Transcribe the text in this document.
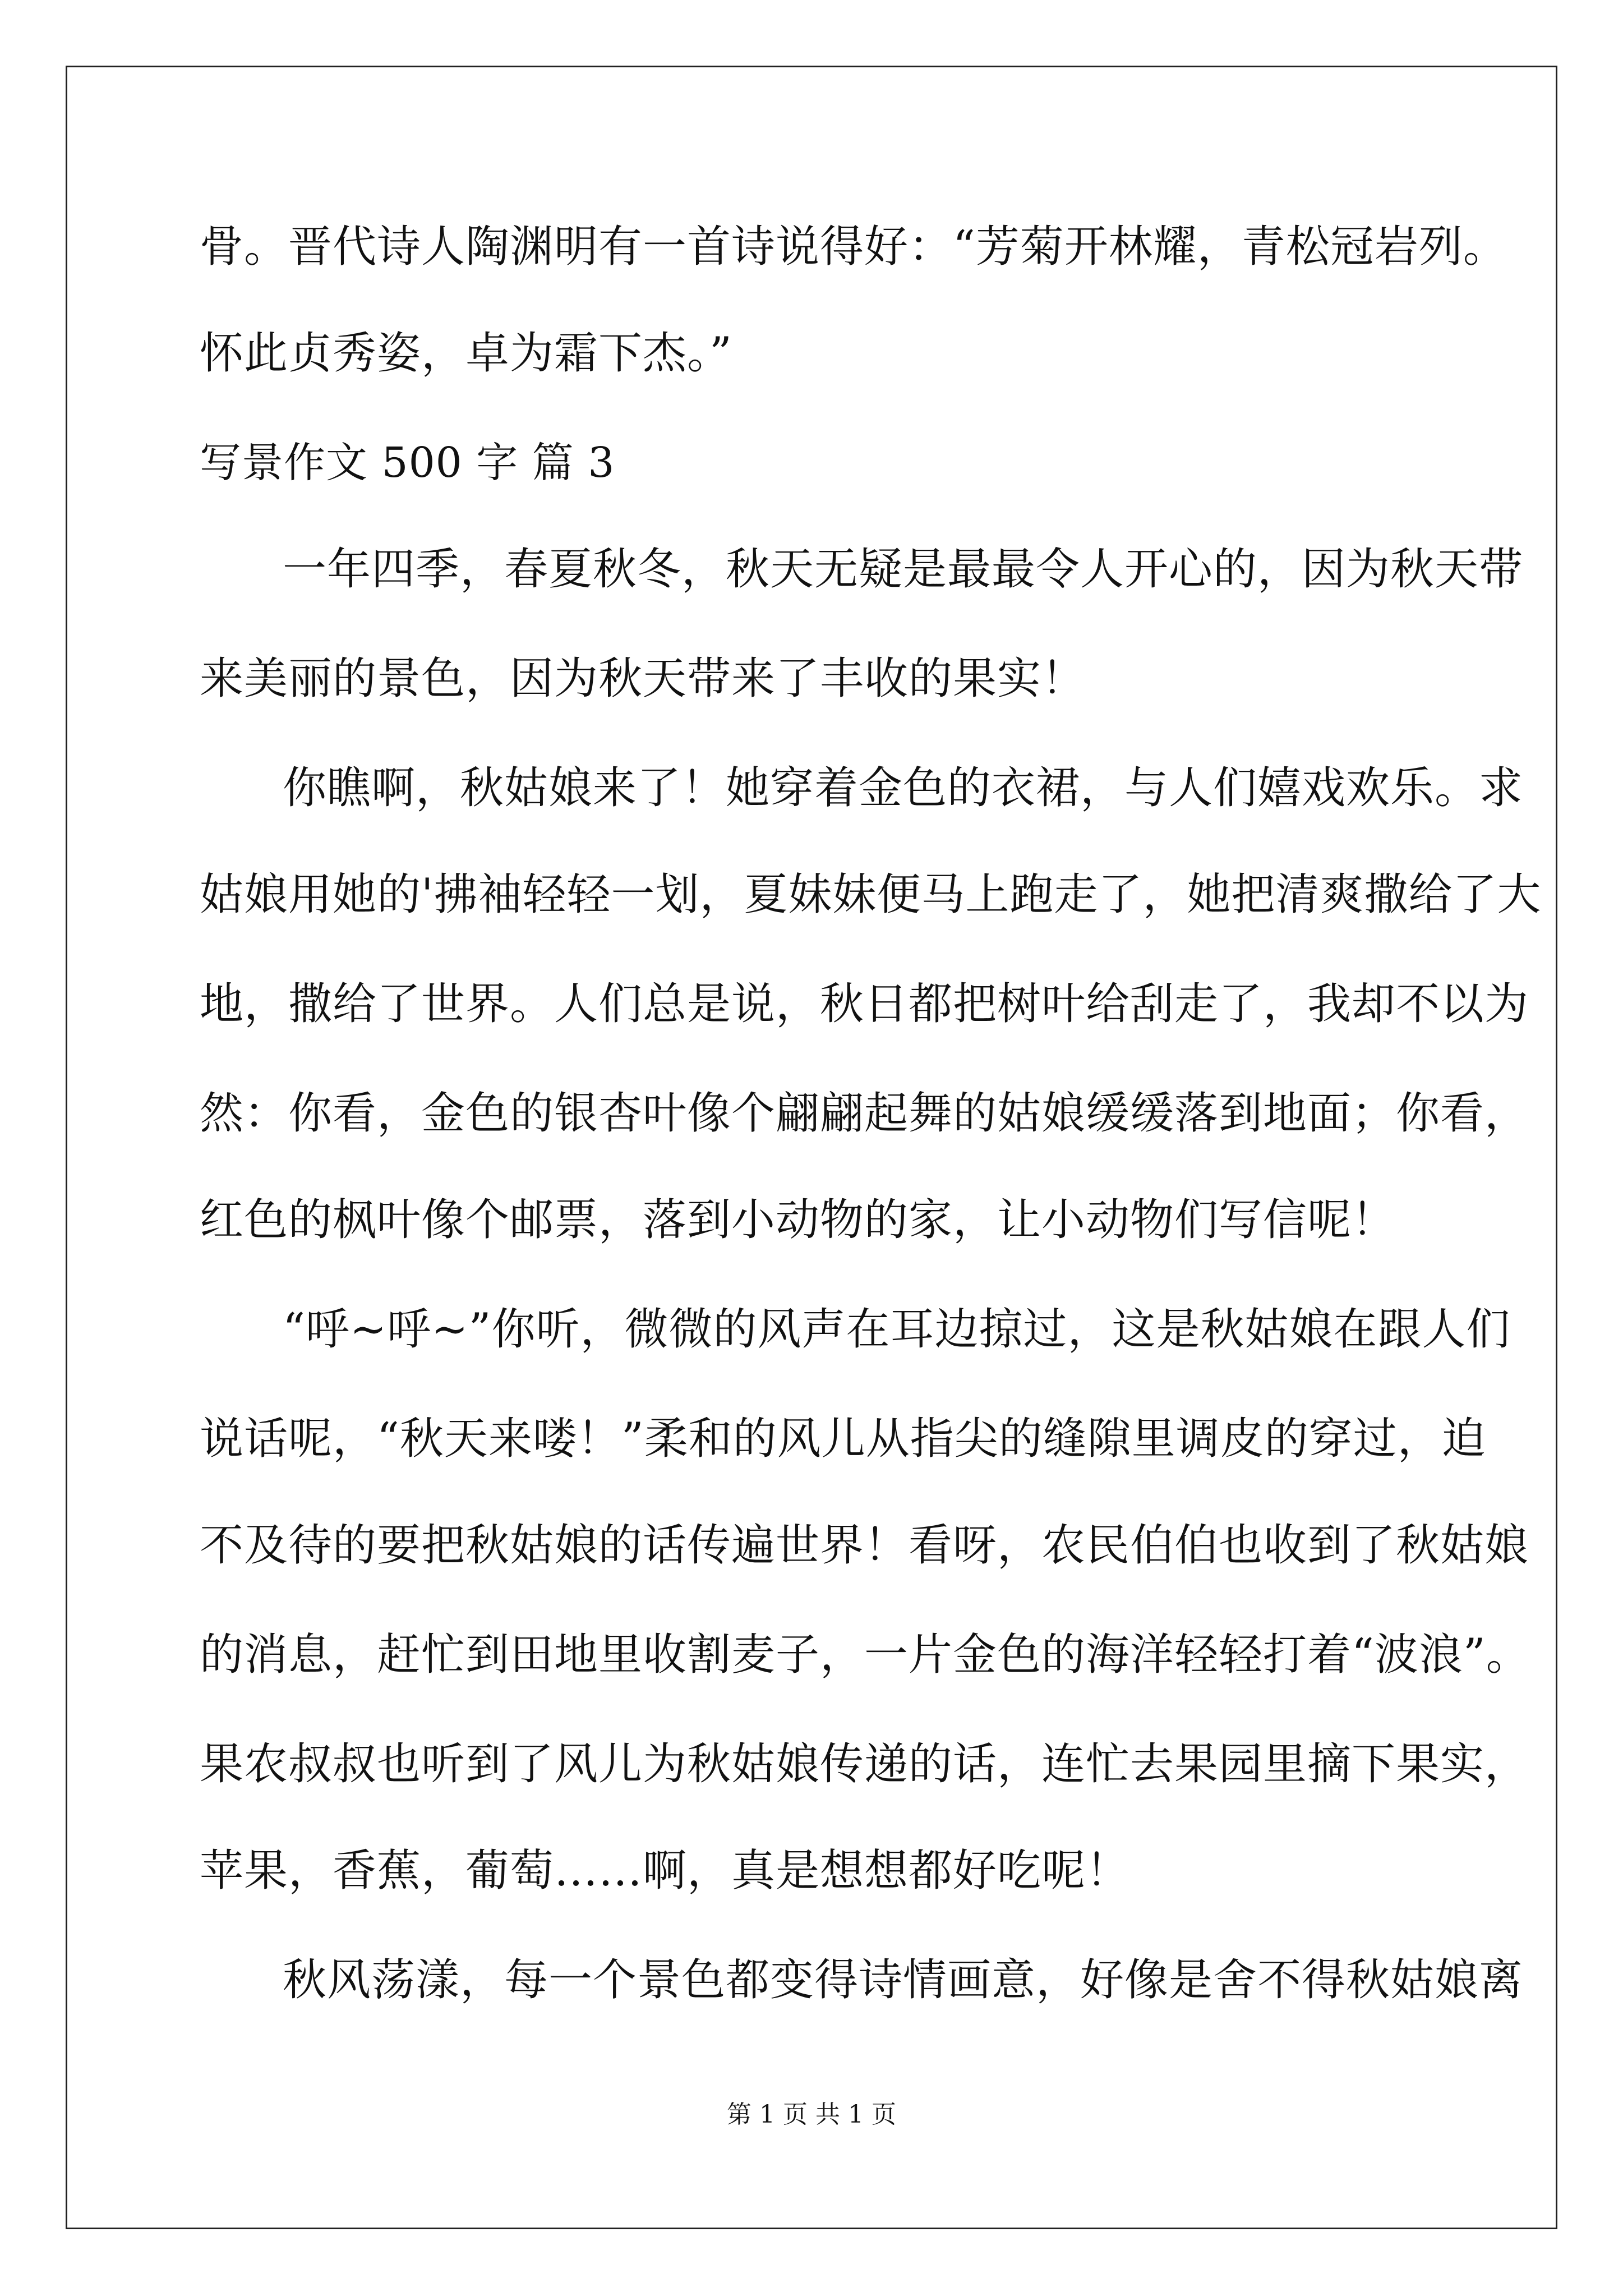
骨。晋代诗人陶渊明有一首诗说得好：“芳菊开林耀，青松冠岩列。
怀此贞秀姿，卓为霜下杰。”
写景作文 500 字 篇 3
一年四季，春夏秋冬，秋天无疑是最最令人开心的，因为秋天带
来美丽的景色，因为秋天带来了丰收的果实！
你瞧啊，秋姑娘来了！她穿着金色的衣裙，与人们嬉戏欢乐。求
姑娘用她的'拂袖轻轻一划，夏妹妹便马上跑走了，她把清爽撒给了大
地，撒给了世界。人们总是说，秋日都把树叶给刮走了，我却不以为
然：你看，金色的银杏叶像个翩翩起舞的姑娘缓缓落到地面；你看，
红色的枫叶像个邮票，落到小动物的家，让小动物们写信呢！
“呼~呼~”你听，微微的风声在耳边掠过，这是秋姑娘在跟人们
说话呢，“秋天来喽！”柔和的风儿从指尖的缝隙里调皮的穿过，迫
不及待的要把秋姑娘的话传遍世界！看呀，农民伯伯也收到了秋姑娘
的消息，赶忙到田地里收割麦子，一片金色的海洋轻轻打着“波浪”。
果农叔叔也听到了风儿为秋姑娘传递的话，连忙去果园里摘下果实，
苹果，香蕉，葡萄……啊，真是想想都好吃呢！
秋风荡漾，每一个景色都变得诗情画意，好像是舍不得秋姑娘离
第 1 页 共 1 页
